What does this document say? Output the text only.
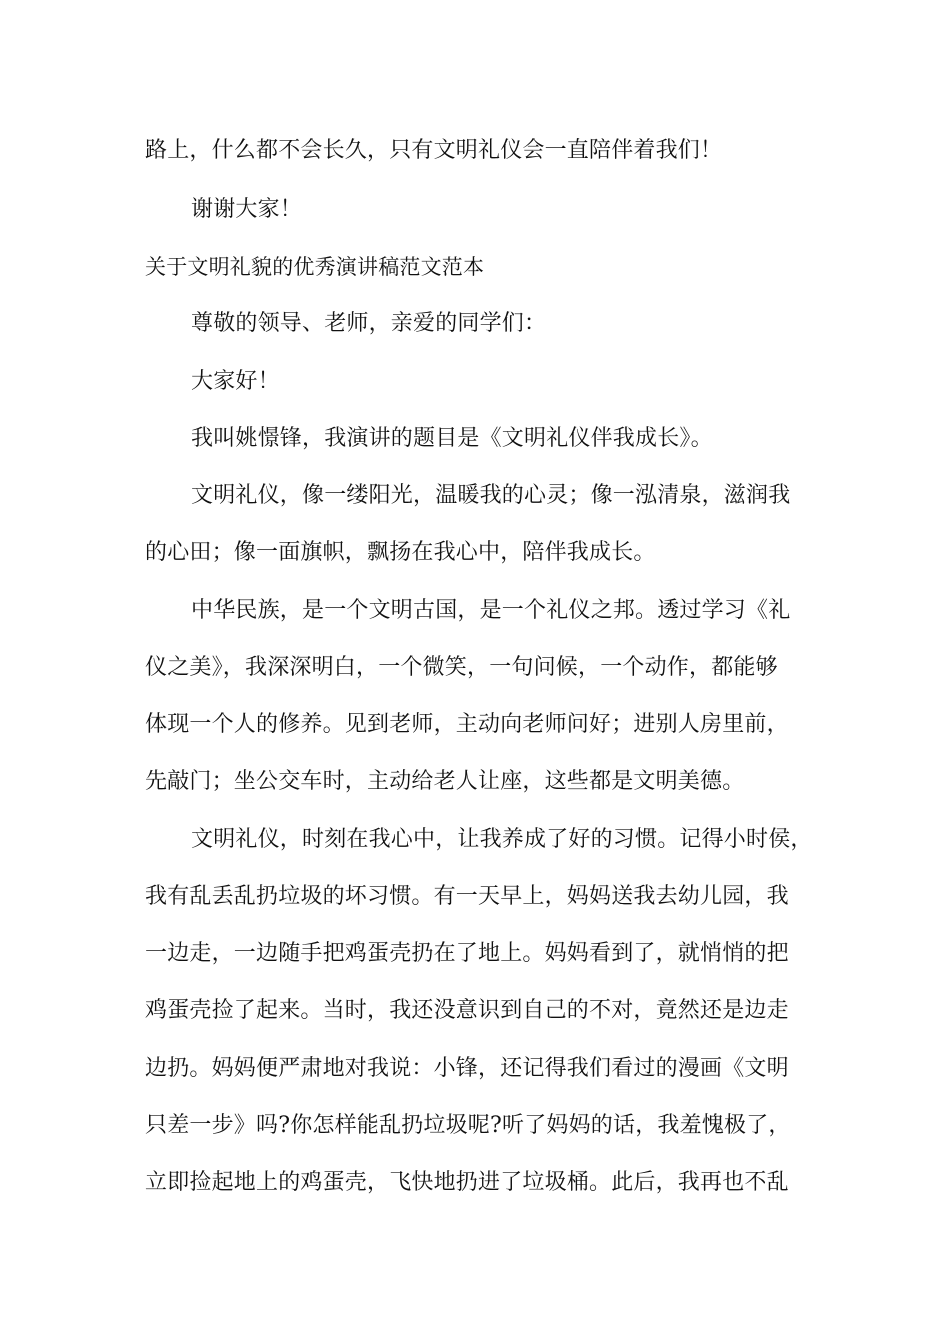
路上，什么都不会长久，只有文明礼仪会一直陪伴着我们！
谢谢大家！
关于文明礼貌的优秀演讲稿范文范本
尊敬的领导、老师，亲爱的同学们：
大家好！
我叫姚憬锋，我演讲的题目是《文明礼仪伴我成长》。
文明礼仪，像一缕阳光，温暖我的心灵；像一泓清泉，滋润我
的心田；像一面旗帜，飘扬在我心中，陪伴我成长。
中华民族，是一个文明古国，是一个礼仪之邦。透过学习《礼
仪之美》，我深深明白，一个微笑，一句问候，一个动作，都能够
体现一个人的修养。见到老师，主动向老师问好；进别人房里前，
先敲门；坐公交车时，主动给老人让座，这些都是文明美德。
文明礼仪，时刻在我心中，让我养成了好的习惯。记得小时侯，
我有乱丢乱扔垃圾的坏习惯。有一天早上，妈妈送我去幼儿园，我
一边走，一边随手把鸡蛋壳扔在了地上。妈妈看到了，就悄悄的把
鸡蛋壳捡了起来。当时，我还没意识到自己的不对，竟然还是边走
边扔。妈妈便严肃地对我说：小锋，还记得我们看过的漫画《文明
只差一步》吗?你怎样能乱扔垃圾呢?听了妈妈的话，我羞愧极了，
立即捡起地上的鸡蛋壳，飞快地扔进了垃圾桶。此后，我再也不乱
